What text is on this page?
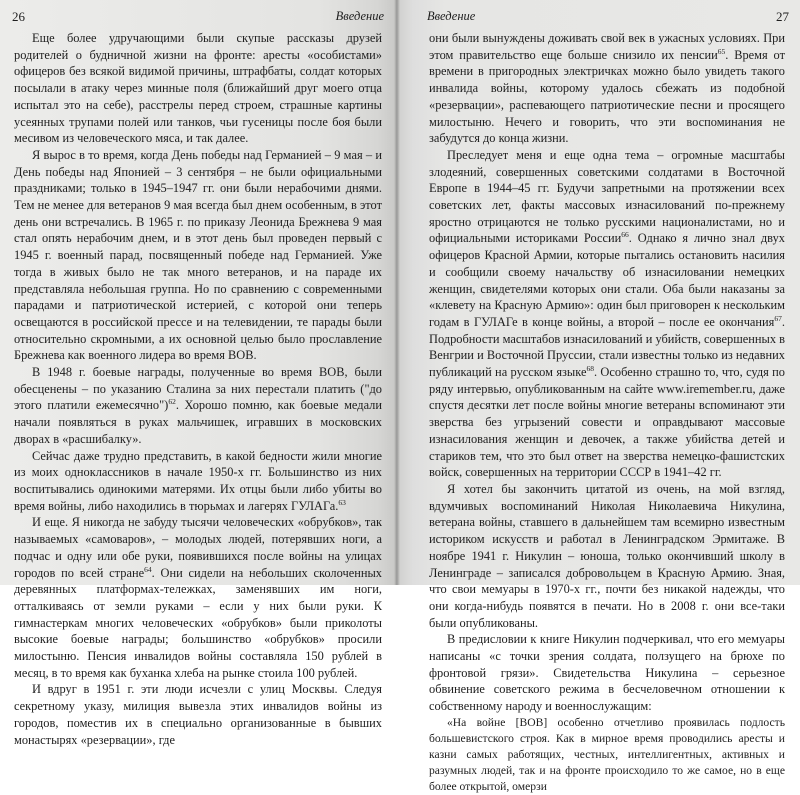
26	Введение

Еще более удручающими были скупые рассказы друзей родителей о будничной жизни на фронте: аресты «особистами» офицеров без всякой видимой причины, штрафбаты, солдат которых посылали в атаку через минные поля (ближайший друг моего отца испытал это на себе), расстрелы перед строем, страшные картины усеянных трупами полей или танков, чьи гусеницы после боя были месивом из человеческого мяса, и так далее.

Я вырос в то время, когда День победы над Германией – 9 мая – и День победы над Японией – 3 сентября – не были официальными праздниками; только в 1945–1947 гг. они были нерабочими днями. Тем не менее для ветеранов 9 мая всегда был днем особенным, в этот день они встречались. В 1965 г. по приказу Леонида Брежнева 9 мая стал опять нерабочим днем, и в этот день был проведен первый с 1945 г. военный парад, посвященный победе над Германией. Уже тогда в живых было не так много ветеранов, и на параде их представляла небольшая группа. Но по сравнению с современными парадами и патриотической истерией, с которой они теперь освещаются в российской прессе и на телевидении, те парады были относительно скромными, а их основной целью было прославление Брежнева как военного лидера во время ВОВ.

В 1948 г. боевые награды, полученные во время ВОВ, были обесценены – по указанию Сталина за них перестали платить ("до этого платили ежемесячно")$^{62}$. Хорошо помню, как боевые медали начали появляться в руках мальчишек, игравших в московских дворах в «расшибалку».

Сейчас даже трудно представить, в какой бедности жили многие из моих одноклассников в начале 1950-х гг. Большинство из них воспитывались одинокими матерями. Их отцы были либо убиты во время войны, либо находились в тюрьмах и лагерях ГУЛАГа.$^{63}$

И еще. Я никогда не забуду тысячи человеческих «обрубков», так называемых «самоваров», – молодых людей, потерявших ноги, а подчас и одну или обе руки, появившихся после войны на улицах городов по всей стране$^{64}$. Они сидели на небольших сколоченных деревянных платформах-тележках, заменявших им ноги, отталкиваясь от земли руками – если у них были руки. К гимнастеркам многих человеческих «обрубков» были приколоты высокие боевые награды; большинство «обрубков» просили милостыню. Пенсия инвалидов войны составляла 150 рублей в месяц, в то время как буханка хлеба на рынке стоила 100 рублей.

И вдруг в 1951 г. эти люди исчезли с улиц Москвы. Следуя секретному указу, милиция вывезла этих инвалидов войны из городов, поместив их в специально организованные в бывших монастырях «резервации», где

Введение	27

они были вынуждены доживать свой век в ужасных условиях. При этом правительство еще больше снизило их пенсии$^{65}$. Время от времени в пригородных электричках можно было увидеть такого инвалида войны, которому удалось сбежать из подобной «резервации», распевающего патриотические песни и просящего милостыню. Нечего и говорить, что эти воспоминания не забудутся до конца жизни.

Преследует меня и еще одна тема – огромные масштабы злодеяний, совершенных советскими солдатами в Восточной Европе в 1944–45 гг. Будучи запретными на протяжении всех советских лет, факты массовых изнасилований по-прежнему яростно отрицаются не только русскими националистами, но и официальными историками России$^{66}$. Однако я лично знал двух офицеров Красной Армии, которые пытались остановить насилия и сообщили своему начальству об изнасиловании немецких женщин, свидетелями которых они стали. Оба были наказаны за «клевету на Красную Армию»: один был приговорен к нескольким годам в ГУЛАГе в конце войны, а второй – после ее окончания$^{67}$. Подробности масштабов изнасилований и убийств, совершенных в Венгрии и Восточной Пруссии, стали известны только из недавних публикаций на русском языке$^{68}$. Особенно страшно то, что, судя по ряду интервью, опубликованным на сайте www.iremember.ru, даже спустя десятки лет после войны многие ветераны вспоминают эти зверства без угрызений совести и оправдывают массовые изнасилования женщин и девочек, а также убийства детей и стариков тем, что это был ответ на зверства немецко-фашистских войск, совершенных на территории СССР в 1941–42 гг.

Я хотел бы закончить цитатой из очень, на мой взгляд, вдумчивых воспоминаний Николая Николаевича Никулина, ветерана войны, ставшего в дальнейшем там всемирно известным историком искусств и работал в Ленинградском Эрмитаже. В ноябре 1941 г. Никулин – юноша, только окончивший школу в Ленинграде – записался добровольцем в Красную Армию. Зная, что свои мемуары в 1970-х гг., почти без никакой надежды, что они когда-нибудь появятся в печати. Но в 2008 г. они все-таки были опубликованы.

В предисловии к книге Никулин подчеркивал, что его мемуары написаны «с точки зрения солдата, ползущего на брюхе по фронтовой грязи». Свидетельства Никулина – серьезное обвинение советского режима в бесчеловечном отношении к собственному народу и военнослужащим:

«На войне [ВОВ] особенно отчетливо проявилась подлость большевистского строя. Как в мирное время проводились аресты и казни самых работящих, честных, интеллигентных, активных и разумных людей, так и на фронте происходило то же самое, но в еще более открытой, омерзи
